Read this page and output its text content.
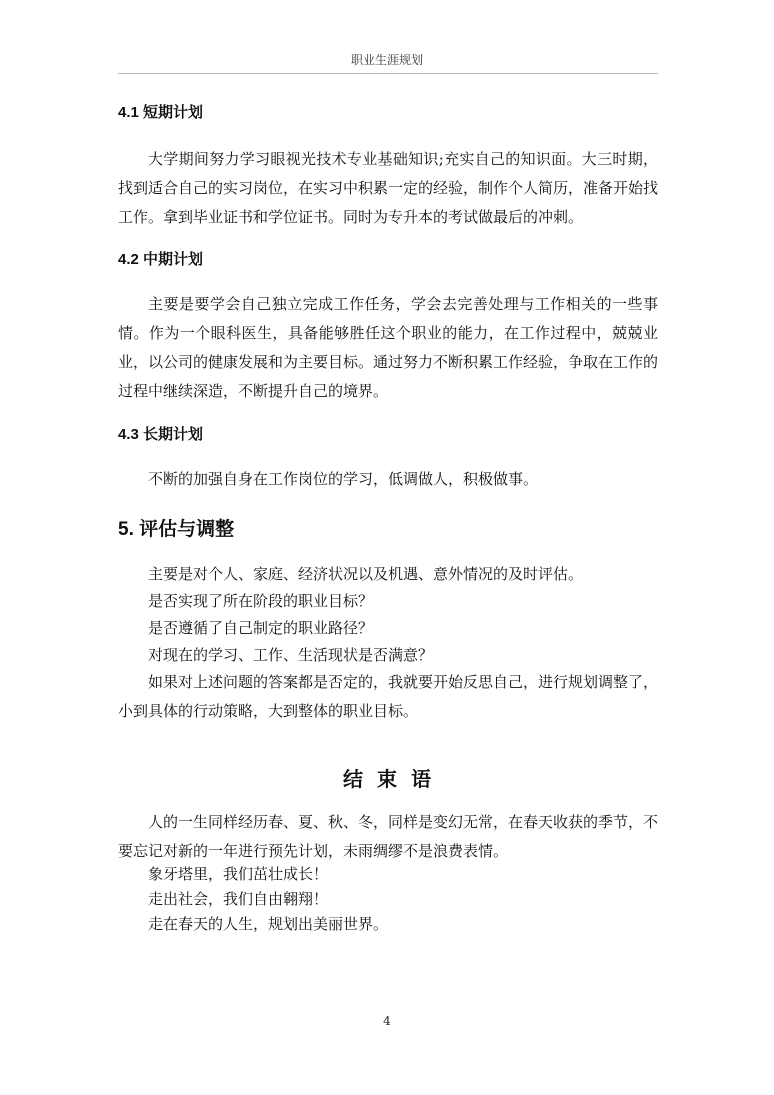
职业生涯规划
4.1 短期计划

大学期间努力学习眼视光技术专业基础知识;充实自己的知识面。大三时期，找到适合自己的实习岗位，在实习中积累一定的经验，制作个人简历，准备开始找工作。拿到毕业证书和学位证书。同时为专升本的考试做最后的冲刺。

4.2 中期计划

主要是要学会自己独立完成工作任务，学会去完善处理与工作相关的一些事情。作为一个眼科医生，具备能够胜任这个职业的能力，在工作过程中，兢兢业业，以公司的健康发展和为主要目标。通过努力不断积累工作经验，争取在工作的过程中继续深造，不断提升自己的境界。

4.3 长期计划

不断的加强自身在工作岗位的学习，低调做人，积极做事。

5. 评估与调整
主要是对个人、家庭、经济状况以及机遇、意外情况的及时评估。
是否实现了所在阶段的职业目标？
是否遵循了自己制定的职业路径？
对现在的学习、工作、生活现状是否满意？

如果对上述问题的答案都是否定的，我就要开始反思自己，进行规划调整了，小到具体的行动策略，大到整体的职业目标。

结束语

人的一生同样经历春、夏、秋、冬，同样是变幻无常，在春天收获的季节，不要忘记对新的一年进行预先计划，未雨绸缪不是浪费表情。

象牙塔里，我们茁壮成长！
走出社会，我们自由翱翔！
走在春天的人生，规划出美丽世界。
4
